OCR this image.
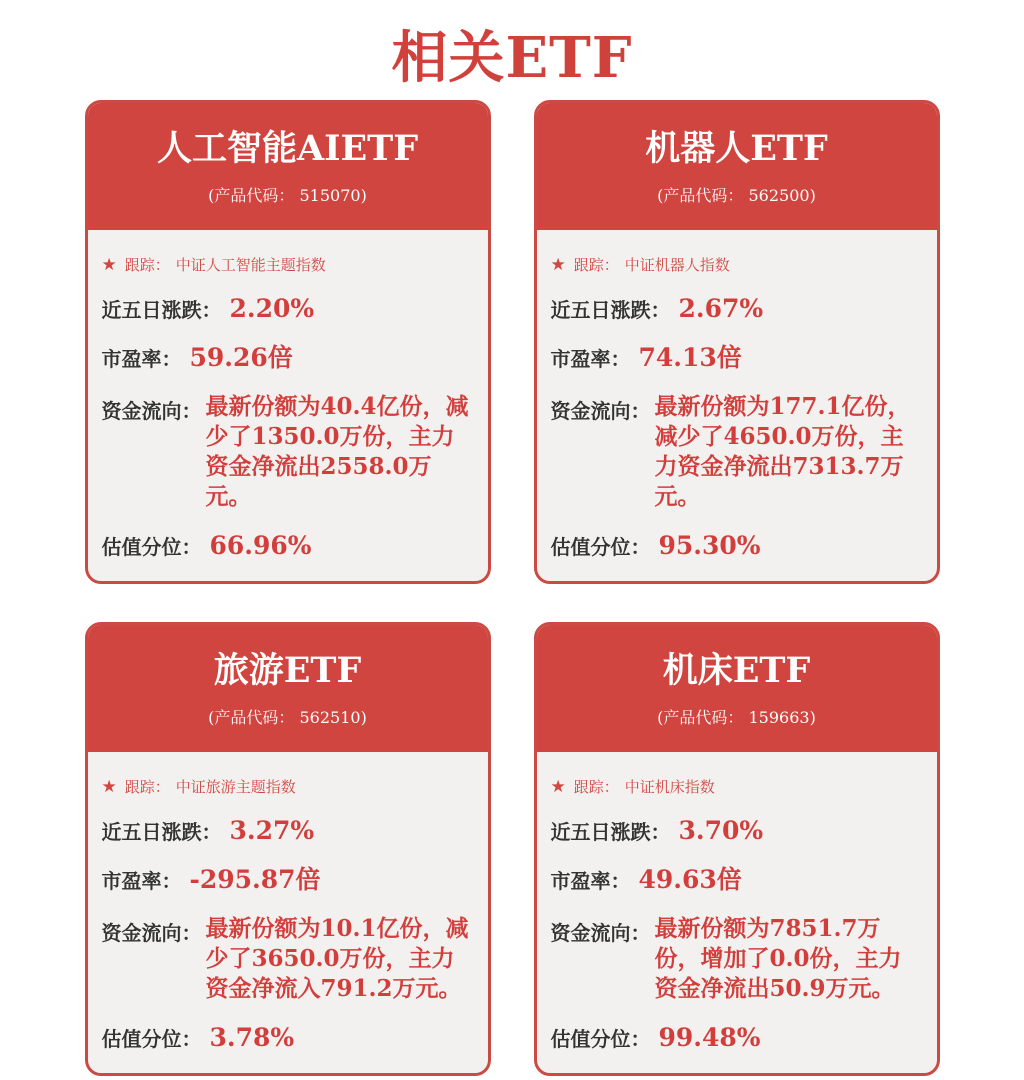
相关ETF
人工智能AIETF
(产品代码： 515070)
★ 跟踪： 中证人工智能主题指数
近五日涨跌： 2.20%
市盈率： 59.26倍
资金流向： 最新份额为40.4亿份，减少了1350.0万份，主力资金净流出2558.0万元。
估值分位： 66.96%
机器人ETF
(产品代码： 562500)
★ 跟踪： 中证机器人指数
近五日涨跌： 2.67%
市盈率： 74.13倍
资金流向： 最新份额为177.1亿份，减少了4650.0万份，主力资金净流出7313.7万元。
估值分位： 95.30%
旅游ETF
(产品代码： 562510)
★ 跟踪： 中证旅游主题指数
近五日涨跌： 3.27%
市盈率： -295.87倍
资金流向： 最新份额为10.1亿份，减少了3650.0万份，主力资金净流入791.2万元。
估值分位： 3.78%
机床ETF
(产品代码： 159663)
★ 跟踪： 中证机床指数
近五日涨跌： 3.70%
市盈率： 49.63倍
资金流向： 最新份额为7851.7万份，增加了0.0份，主力资金净流出50.9万元。
估值分位： 99.48%
